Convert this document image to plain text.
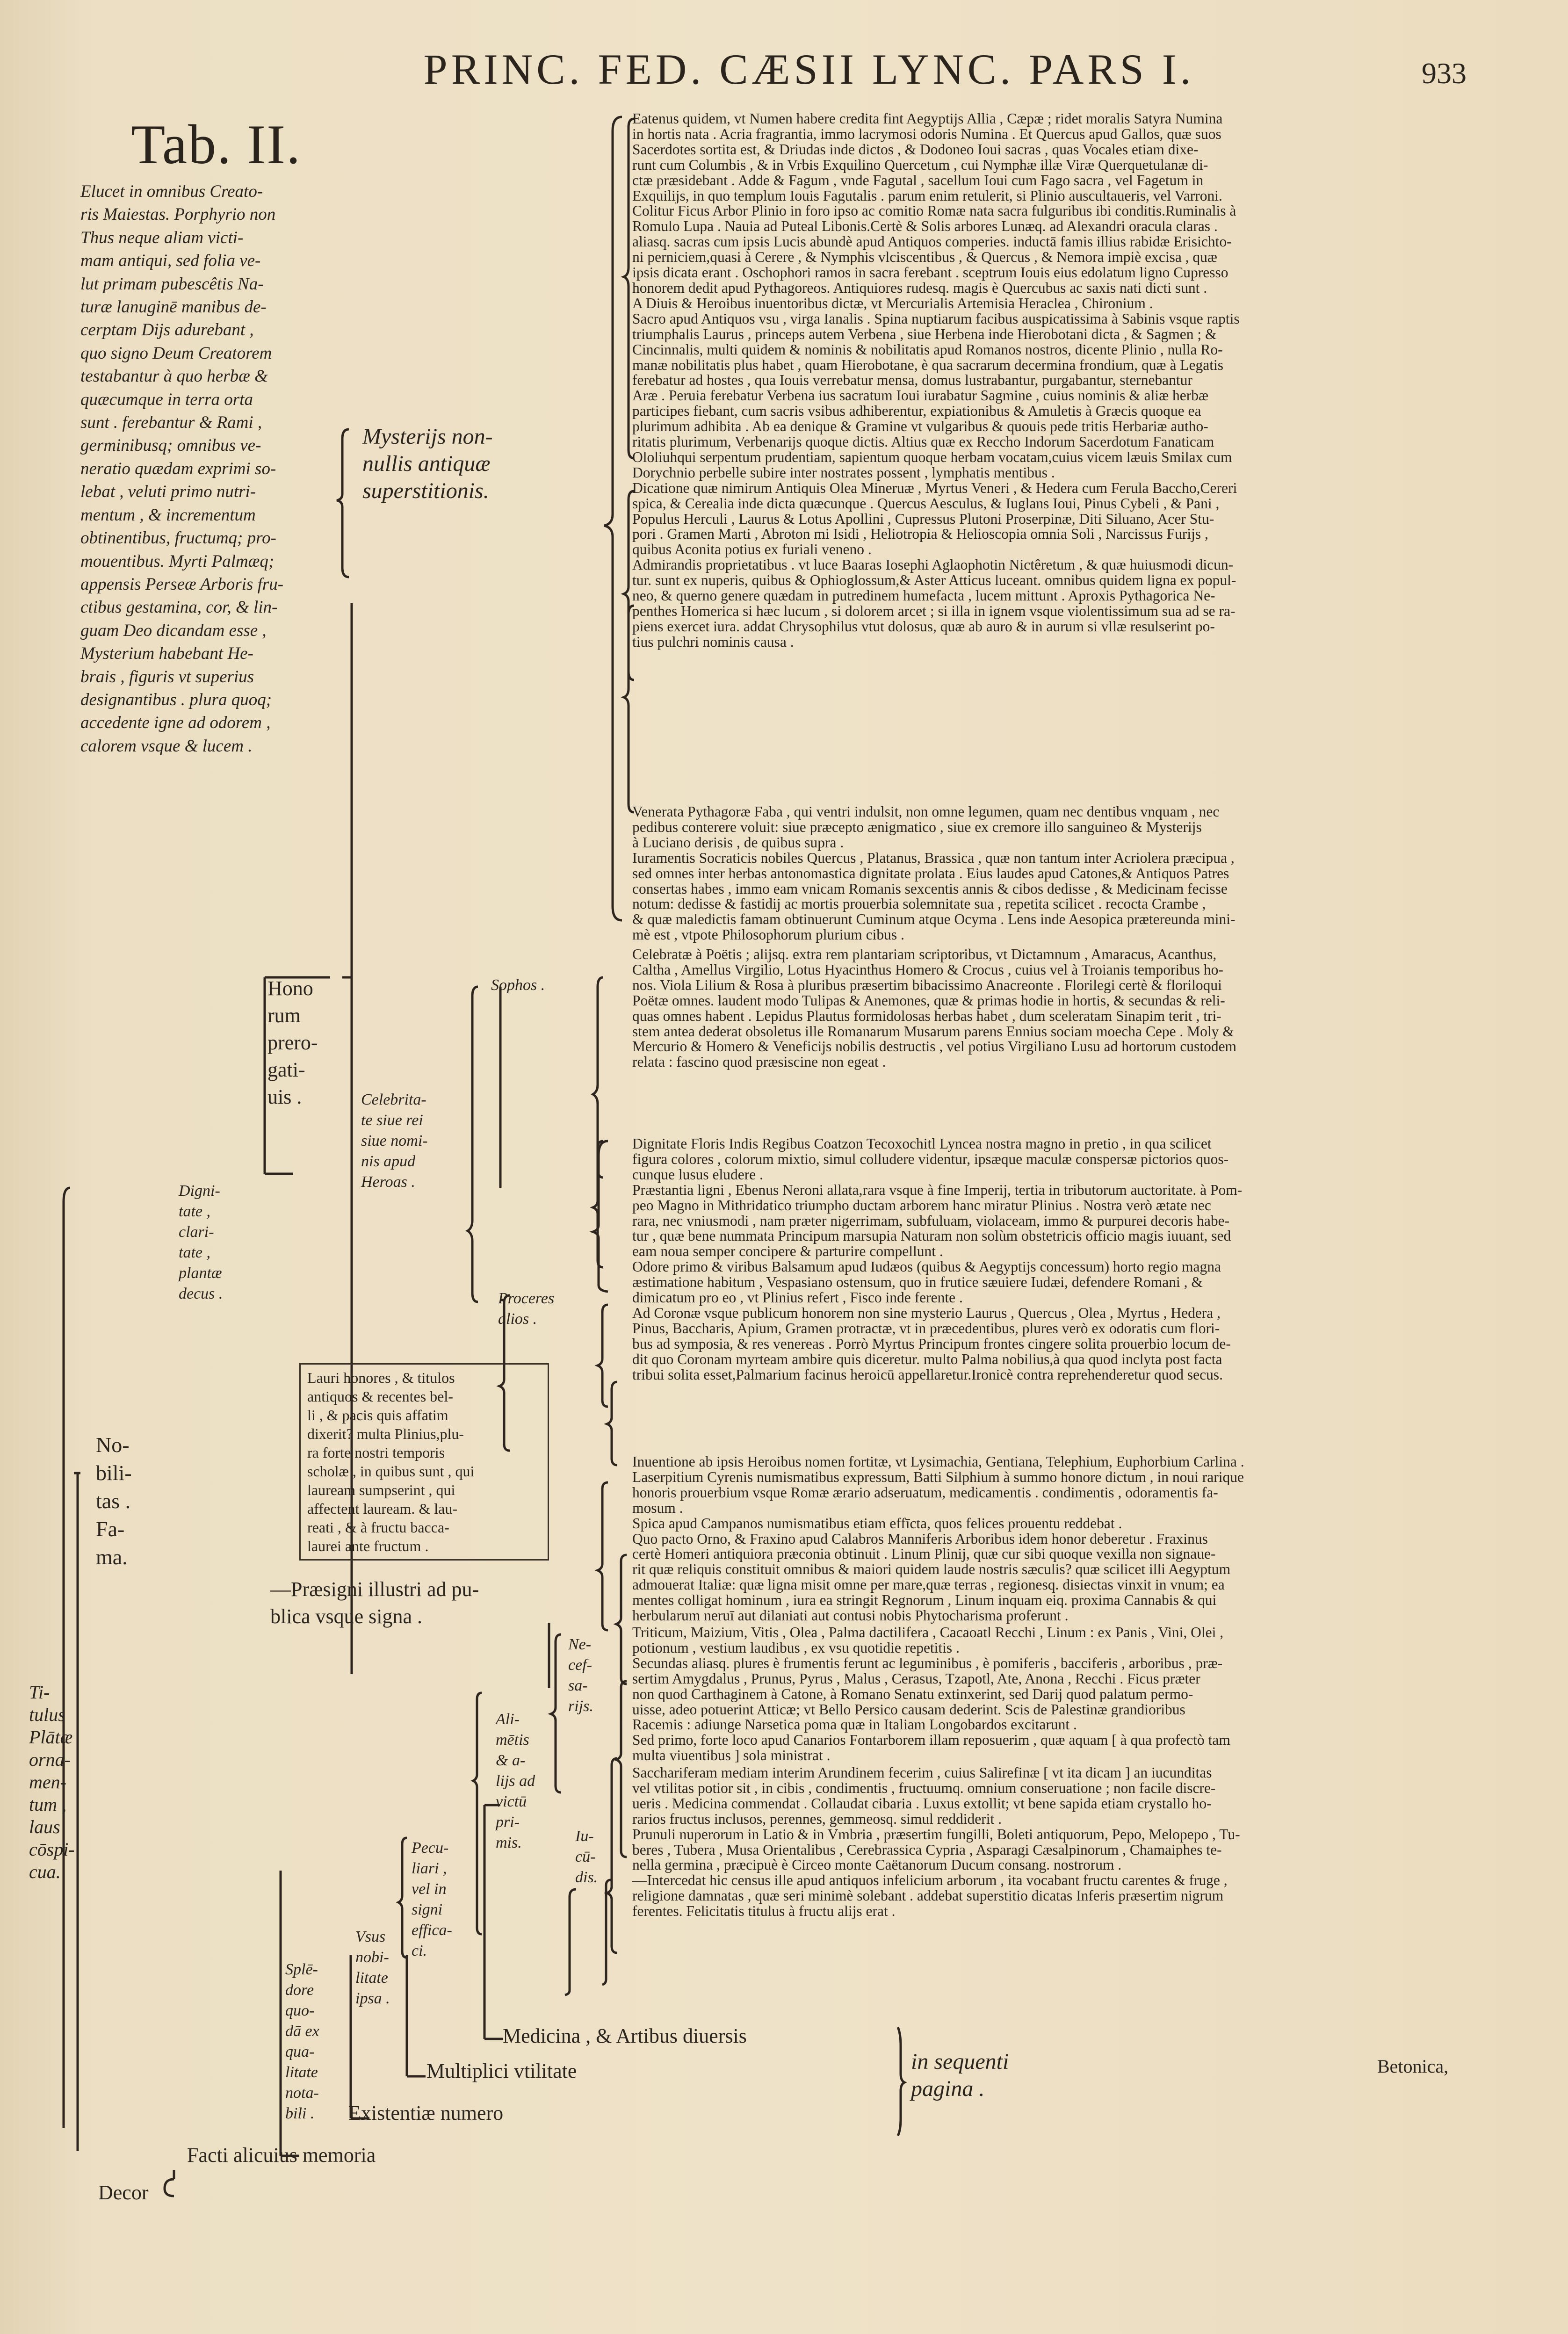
PRINC. FED. CÆSII LYNC. PARS I.	933
Tab. II.
Elucet in omnibus Creato-
ris Maiestas. Porphyrio non
Thus neque aliam victi-
mam antiqui, sed folia ve-
lut primam pubescêtis Na-
turæ lanuginē manibus de-
cerptam Dijs adurebant ,
quo signo Deum Creatorem
testabantur à quo herbæ &
quæcumque in terra orta
sunt . ferebantur & Rami ,
germinibusq; omnibus ve-
neratio quædam exprimi so-
lebat , veluti primo nutri-
mentum , & incrementum
obtinentibus, fructumq; pro-
mouentibus. Myrti Palmæq;
appensis Perseæ Arboris fru-
ctibus gestamina, cor, & lin-
guam Deo dicandam esse ,
Mysterium habebant He-
brais , figuris vt superius
designantibus . plura quoq;
accedente igne ad odorem ,
calorem vsque & lucem .
Mysterijs non-
nullis antiquæ
superstitionis.
Hono
rum
prero-
gati-
uis .
Sophos .
Celebrita-
te siue rei
siue nomi-
nis apud
Heroas .
Proceres
alios .
Digni-
tate ,
clari-
tate ,
plantæ
decus .
Lauri honores , & titulos
antiquos & recentes bel-
li , & pacis quis affatim
dixerit? multa Plinius,plu-
ra forte nostri temporis
scholæ , in quibus sunt , qui
lauream sumpserint , qui
affectent lauream. & lau-
reati , & à fructu bacca-
laurei ante fructum .
No-
bili-
tas .
Fa-
ma.
—Præsigni illustri ad pu-
blica vsque signa .
Ti-
tulus
Plātæ
orna-
men-
tum ,
laus
cōspi-
cua.
Ne-
cef-
sa-
rijs.
Ali-
mētis
& a-
lijs ad
victū
pri-
mis.	Iu-
cū-
dis.
Pecu-
liari ,
vel in
signi
effica-
ci.
Vsus
nobi-
litate
ipsa .
Splē-
dore
quo-
dā ex
qua-
litate
nota-
bili .
Medicina , & Artibus diuersis
Multiplici vtilitate
Existentiæ numero
Facti alicuius memoria
Decor
in sequenti
pagina .
Eatenus quidem, vt Numen habere credita fint Aegyptijs Allia , Cæpæ ; ridet moralis Satyra Numina
in hortis nata . Acria fragrantia, immo lacrymosi odoris Numina . Et Quercus apud Gallos, quæ suos
Sacerdotes sortita est, & Driudas inde dictos , & Dodoneo Ioui sacras , quas Vocales etiam dixe-
runt cum Columbis , & in Vrbis Exquilino Quercetum , cui Nymphæ illæ Viræ Querquetulanæ di-
ctæ præsidebant . Adde & Fagum , vnde Fagutal , sacellum Ioui cum Fago sacra , vel Fagetum in
Exquilijs, in quo templum Iouis Fagutalis . parum enim retulerit, si Plinio auscultaueris, vel Varroni.
Colitur Ficus Arbor Plinio in foro ipso ac comitio Romæ nata sacra fulguribus ibi conditis.Ruminalis à
Romulo Lupa . Nauia ad Puteal Libonis.Certè & Solis arbores Lunæq. ad Alexandri oracula claras .
aliasq. sacras cum ipsis Lucis abundè apud Antiquos comperies. inductā famis illius rabidæ Erisichto-
ni perniciem,quasi à Cerere , & Nymphis vlciscentibus , & Quercus , & Nemora impiè excisa , quæ
ipsis dicata erant . Oschophori ramos in sacra ferebant . sceptrum Iouis eius edolatum ligno Cupresso
honorem dedit apud Pythagoreos. Antiquiores rudesq. magis è Quercubus ac saxis nati dicti sunt .
A Diuis & Heroibus inuentoribus dictæ, vt Mercurialis Artemisia Heraclea , Chironium .
Sacro apud Antiquos vsu , virga Ianalis . Spina nuptiarum facibus auspicatissima à Sabinis vsque raptis
triumphalis Laurus , princeps autem Verbena , siue Herbena inde Hierobotani dicta , & Sagmen ; &
Cincinnalis, multi quidem & nominis & nobilitatis apud Romanos nostros, dicente Plinio , nulla Ro-
manæ nobilitatis plus habet , quam Hierobotane, è qua sacrarum decermina frondium, quæ à Legatis
ferebatur ad hostes , qua Iouis verrebatur mensa, domus lustrabantur, purgabantur, sternebantur
Aræ . Peruia ferebatur Verbena ius sacratum Ioui iurabatur Sagmine , cuius nominis & aliæ herbæ
participes fiebant, cum sacris vsibus adhiberentur, expiationibus & Amuletis à Græcis quoque ea
plurimum adhibita . Ab ea denique & Gramine vt vulgaribus & quouis pede tritis Herbariæ autho-
ritatis plurimum, Verbenarijs quoque dictis. Altius quæ ex Reccho Indorum Sacerdotum Fanaticam
Ololiuhqui serpentum prudentiam, sapientum quoque herbam vocatam,cuius vicem læuis Smilax cum
Dorychnio perbelle subire inter nostrates possent , lymphatis mentibus .
Dicatione quæ nimirum Antiquis Olea Mineruæ , Myrtus Veneri , & Hedera cum Ferula Baccho,Cereri
spica, & Cerealia inde dicta quæcunque . Quercus Aesculus, & Iuglans Ioui, Pinus Cybeli , & Pani ,
Populus Herculi , Laurus & Lotus Apollini , Cupressus Plutoni Proserpinæ, Diti Siluano, Acer Stu-
pori . Gramen Marti , Abroton mi Isidi , Heliotropia & Helioscopia omnia Soli , Narcissus Furijs ,
quibus Aconita potius ex furiali veneno .
Admirandis proprietatibus . vt luce Baaras Iosephi Aglaophotin Nictêretum , & quæ huiusmodi dicun-
tur. sunt ex nuperis, quibus & Ophioglossum,& Aster Atticus luceant. omnibus quidem ligna ex popul-
neo, & querno genere quædam in putredinem humefacta , lucem mittunt . Aproxis Pythagorica Ne-
penthes Homerica si hæc lucum , si dolorem arcet ; si illa in ignem vsque violentissimum sua ad se ra-
piens exercet iura. addat Chrysophilus vtut dolosus, quæ ab auro & in aurum si vllæ resulserint po-
tius pulchri nominis causa .
Venerata Pythagoræ Faba , qui ventri indulsit, non omne legumen, quam nec dentibus vnquam , nec
pedibus conterere voluit: siue præcepto ænigmatico , siue ex cremore illo sanguineo & Mysterijs
à Luciano derisis , de quibus supra .
Iuramentis Socraticis nobiles Quercus , Platanus, Brassica , quæ non tantum inter Acriolera præcipua ,
sed omnes inter herbas antonomastica dignitate prolata . Eius laudes apud Catones,& Antiquos Patres
consertas habes , immo eam vnicam Romanis sexcentis annis & cibos dedisse , & Medicinam fecisse
notum: dedisse & fastidij ac mortis prouerbia solemnitate sua , repetita scilicet . recocta Crambe ,
& quæ maledictis famam obtinuerunt Cuminum atque Ocyma . Lens inde Aesopica prætereunda mini-
mè est , vtpote Philosophorum plurium cibus .
Celebratæ à Poëtis ; alijsq. extra rem plantariam scriptoribus, vt Dictamnum , Amaracus, Acanthus,
Caltha , Amellus Virgilio, Lotus Hyacinthus Homero & Crocus , cuius vel à Troianis temporibus ho-
nos. Viola Lilium & Rosa à pluribus præsertim bibacissimo Anacreonte . Florilegi certè & floriloqui
Poëtæ omnes. laudent modo Tulipas & Anemones, quæ & primas hodie in hortis, & secundas & reli-
quas omnes habent . Lepidus Plautus formidolosas herbas habet , dum sceleratam Sinapim terit , tri-
stem antea dederat obsoletus ille Romanarum Musarum parens Ennius sociam moecha Cepe . Moly &
Mercurio & Homero & Veneficijs nobilis destructis , vel potius Virgiliano Lusu ad hortorum custodem
relata : fascino quod præsiscine non egeat .
Dignitate Floris Indis Regibus Coatzon Tecoxochitl Lyncea nostra magno in pretio , in qua scilicet
figura colores , colorum mixtio, simul colludere videntur, ipsæque maculæ conspersæ pictorios quos-
cunque lusus eludere .
Præstantia ligni , Ebenus Neroni allata,rara vsque à fine Imperij, tertia in tributorum auctoritate. à Pom-
peo Magno in Mithridatico triumpho ductam arborem hanc miratur Plinius . Nostra verò ætate nec
rara, nec vniusmodi , nam præter nigerrimam, subfuluam, violaceam, immo & purpurei decoris habe-
tur , quæ bene nummata Principum marsupia Naturam non solùm obstetricis officio magis iuuant, sed
eam noua semper concipere & parturire compellunt .
Odore primo & viribus Balsamum apud Iudæos (quibus & Aegyptijs concessum) horto regio magna
æstimatione habitum , Vespasiano ostensum, quo in frutice sæuiere Iudæi, defendere Romani , &
dimicatum pro eo , vt Plinius refert , Fisco inde ferente .
Ad Coronæ vsque publicum honorem non sine mysterio Laurus , Quercus , Olea , Myrtus , Hedera ,
Pinus, Baccharis, Apium, Gramen protractæ, vt in præcedentibus, plures verò ex odoratis cum flori-
bus ad symposia, & res venereas . Porrò Myrtus Principum frontes cingere solita prouerbio locum de-
dit quo Coronam myrteam ambire quis diceretur. multo Palma nobilius,à qua quod inclyta post facta
tribui solita esset,Palmarium facinus heroicū appellaretur.Ironicè contra reprehenderetur quod secus.
Inuentione ab ipsis Heroibus nomen fortitæ, vt Lysimachia, Gentiana, Telephium, Euphorbium Carlina .
Laserpitium Cyrenis numismatibus expressum, Batti Silphium à summo honore dictum , in noui rarique
honoris prouerbium vsque Romæ ærario adseruatum, medicamentis . condimentis , odoramentis fa-
mosum .
Spica apud Campanos numismatibus etiam effīcta, quos felices prouentu reddebat .
Quo pacto Orno, & Fraxino apud Calabros Manniferis Arboribus idem honor deberetur . Fraxinus
certè Homeri antiquiora præconia obtinuit . Linum Plinij, quæ cur sibi quoque vexilla non signaue-
rit quæ reliquis constituit omnibus & maiori quidem laude nostris sæculis? quæ scilicet illi Aegyptum
admouerat Italiæ: quæ ligna misit omne per mare,quæ terras , regionesq. disiectas vinxit in vnum; ea
mentes colligat hominum , iura ea stringit Regnorum , Linum inquam eiq. proxima Cannabis & qui
herbularum neruī aut dilaniati aut contusi nobis Phytocharisma proferunt .
Triticum, Maizium, Vitis , Olea , Palma dactilifera , Cacaoatl Recchi , Linum : ex Panis , Vini, Olei ,
potionum , vestium laudibus , ex vsu quotidie repetitis .
Secundas aliasq. plures è frumentis ferunt ac leguminibus , è pomiferis , bacciferis , arboribus , præ-
sertim Amygdalus , Prunus, Pyrus , Malus , Cerasus, Tzapotl, Ate, Anona , Recchi . Ficus præter
non quod Carthaginem à Catone, à Romano Senatu extinxerint, sed Darij quod palatum permo-
uisse, adeo potuerint Atticæ; vt Bello Persico causam dederint. Scis de Palestinæ grandioribus
Racemis : adiunge Narsetica poma quæ in Italiam Longobardos excitarunt .
Sed primo, forte loco apud Canarios Fontarborem illam reposuerim , quæ aquam [ à qua profectò tam
multa viuentibus ] sola ministrat .
Sacchariferam mediam interim Arundinem fecerim , cuius Salirefinæ [ vt ita dicam ] an iucunditas
vel vtilitas potior sit , in cibis , condimentis , fructuumq. omnium conseruatione ; non facile discre-
ueris . Medicina commendat . Collaudat cibaria . Luxus extollit; vt bene sapida etiam crystallo ho-
rarios fructus inclusos, perennes, gemmeosq. simul reddiderit .
Prunuli nuperorum in Latio & in Vmbria , præsertim fungilli, Boleti antiquorum, Pepo, Melopepo , Tu-
beres , Tubera , Musa Orientalibus , Cerebrassica Cypria , Asparagi Cæsalpinorum , Chamaiphes te-
nella germina , præcipuè è Circeo monte Caëtanorum Ducum consang. nostrorum .
—Intercedat hic census ille apud antiquos infelicium arborum , ita vocabant fructu carentes & fruge ,
religione damnatas , quæ seri minimè solebant . addebat superstitio dicatas Inferis præsertim nigrum
ferentes. Felicitatis titulus à fructu alijs erat .
Betonica,
